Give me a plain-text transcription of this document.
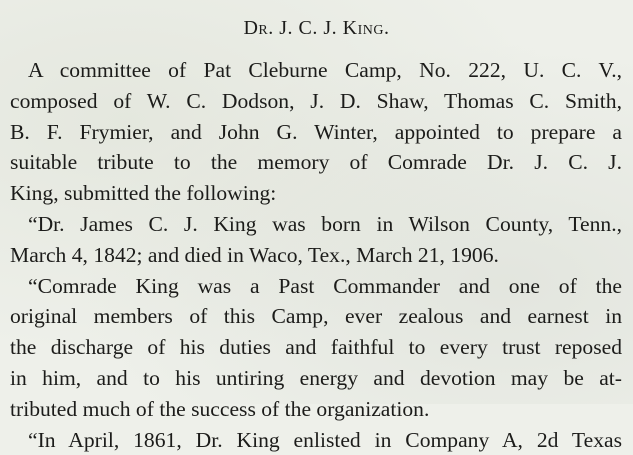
Dr. J. C. J. King.
A committee of Pat Cleburne Camp, No. 222, U. C. V.,
composed of W. C. Dodson, J. D. Shaw, Thomas C. Smith,
B. F. Frymier, and John G. Winter, appointed to prepare a
suitable tribute to the memory of Comrade Dr. J. C. J.
King, submitted the following:
“Dr. James C. J. King was born in Wilson County, Tenn.,
March 4, 1842; and died in Waco, Tex., March 21, 1906.
“Comrade King was a Past Commander and one of the
original members of this Camp, ever zealous and earnest in
the discharge of his duties and faithful to every trust reposed
in him, and to his untiring energy and devotion may be at-
tributed much of the success of the organization.
“In April, 1861, Dr. King enlisted in Company A, 2d Texas
